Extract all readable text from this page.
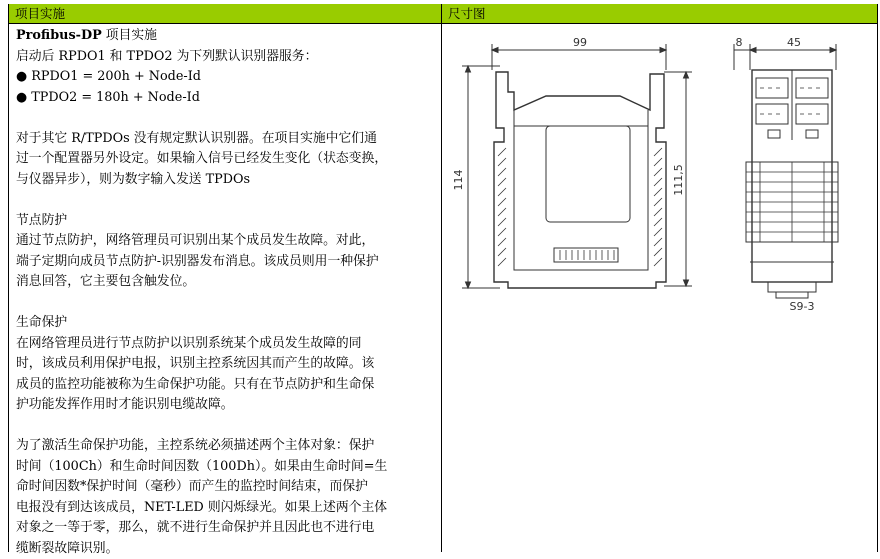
项目实施
Profibus-DP 项目实施
启动后 RPDO1 和 TPDO2 为下列默认识别器服务：
● RPDO1 = 200h + Node-Id
● TPDO2 = 180h + Node-Id
对于其它 R/TPDOs 没有规定默认识别器。在项目实施中它们通
过一个配置器另外设定。如果输入信号已经发生变化（状态变换，
与仪器异步），则为数字输入发送 TPDOs
节点防护
通过节点防护，网络管理员可识别出某个成员发生故障。对此，
端子定期向成员节点防护-识别器发布消息。该成员则用一种保护
消息回答，它主要包含触发位。
生命保护
在网络管理员进行节点防护以识别系统某个成员发生故障的同
时，该成员利用保护电报，识别主控系统因其而产生的故障。该
成员的监控功能被称为生命保护功能。只有在节点防护和生命保
护功能发挥作用时才能识别电缆故障。
为了激活生命保护功能，主控系统必须描述两个主体对象：保护
时间（100Ch）和生命时间因数（100Dh）。如果由生命时间=生
命时间因数*保护时间（毫秒）而产生的监控时间结束，而保护
电报没有到达该成员，NET-LED 则闪烁绿光。如果上述两个主体
对象之一等于零，那么，就不进行生命保护并且因此也不进行电
缆断裂故障识别。
尺寸图
99
114	111,5
8	45
S9-3
